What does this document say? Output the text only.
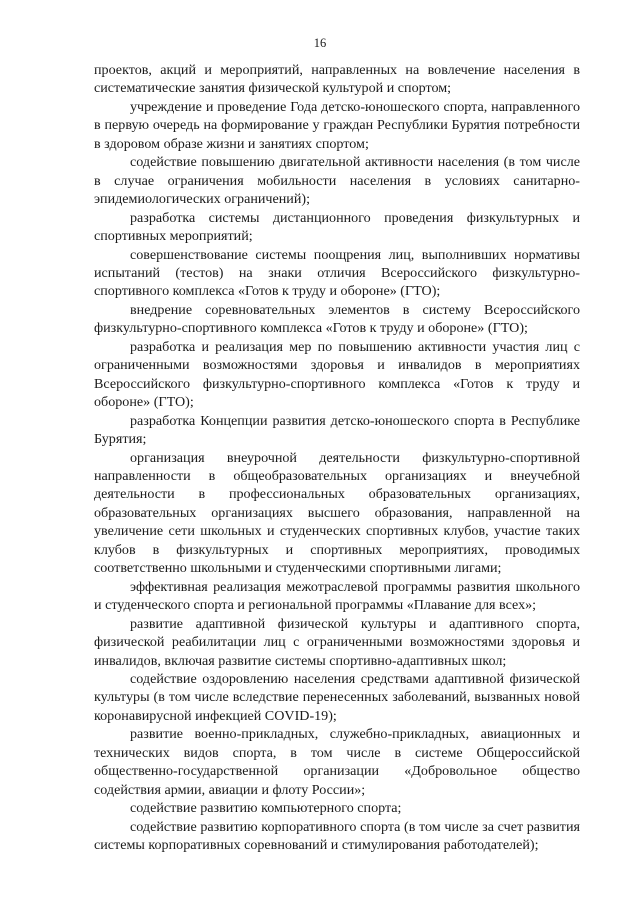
16

проектов, акций и мероприятий, направленных на вовлечение населения в систематические занятия физической культурой и спортом;

учреждение и проведение Года детско-юношеского спорта, направленного в первую очередь на формирование у граждан Республики Бурятия потребности в здоровом образе жизни и занятиях спортом;

содействие повышению двигательной активности населения (в том числе в случае ограничения мобильности населения в условиях санитарно-эпидемиологических ограничений);

разработка системы дистанционного проведения физкультурных и спортивных мероприятий;

совершенствование системы поощрения лиц, выполнивших нормативы испытаний (тестов) на знаки отличия Всероссийского физкультурно-спортивного комплекса «Готов к труду и обороне» (ГТО);

внедрение соревновательных элементов в систему Всероссийского физкультурно-спортивного комплекса «Готов к труду и обороне» (ГТО);

разработка и реализация мер по повышению активности участия лиц с ограниченными возможностями здоровья и инвалидов в мероприятиях Всероссийского физкультурно-спортивного комплекса «Готов к труду и обороне» (ГТО);

разработка Концепции развития детско-юношеского спорта в Республике Бурятия;

организация внеурочной деятельности физкультурно-спортивной направленности в общеобразовательных организациях и внеучебной деятельности в профессиональных образовательных организациях, образовательных организациях высшего образования, направленной на увеличение сети школьных и студенческих спортивных клубов, участие таких клубов в физкультурных и спортивных мероприятиях, проводимых соответственно школьными и студенческими спортивными лигами;

эффективная реализация межотраслевой программы развития школьного и студенческого спорта и региональной программы «Плавание для всех»;

развитие адаптивной физической культуры и адаптивного спорта, физической реабилитации лиц с ограниченными возможностями здоровья и инвалидов, включая развитие системы спортивно-адаптивных школ;

содействие оздоровлению населения средствами адаптивной физической культуры (в том числе вследствие перенесенных заболеваний, вызванных новой коронавирусной инфекцией COVID-19);

развитие военно-прикладных, служебно-прикладных, авиационных и технических видов спорта, в том числе в системе Общероссийской общественно-государственной организации «Добровольное общество содействия армии, авиации и флоту России»;

содействие развитию компьютерного спорта;

содействие развитию корпоративного спорта (в том числе за счет развития системы корпоративных соревнований и стимулирования работодателей);
